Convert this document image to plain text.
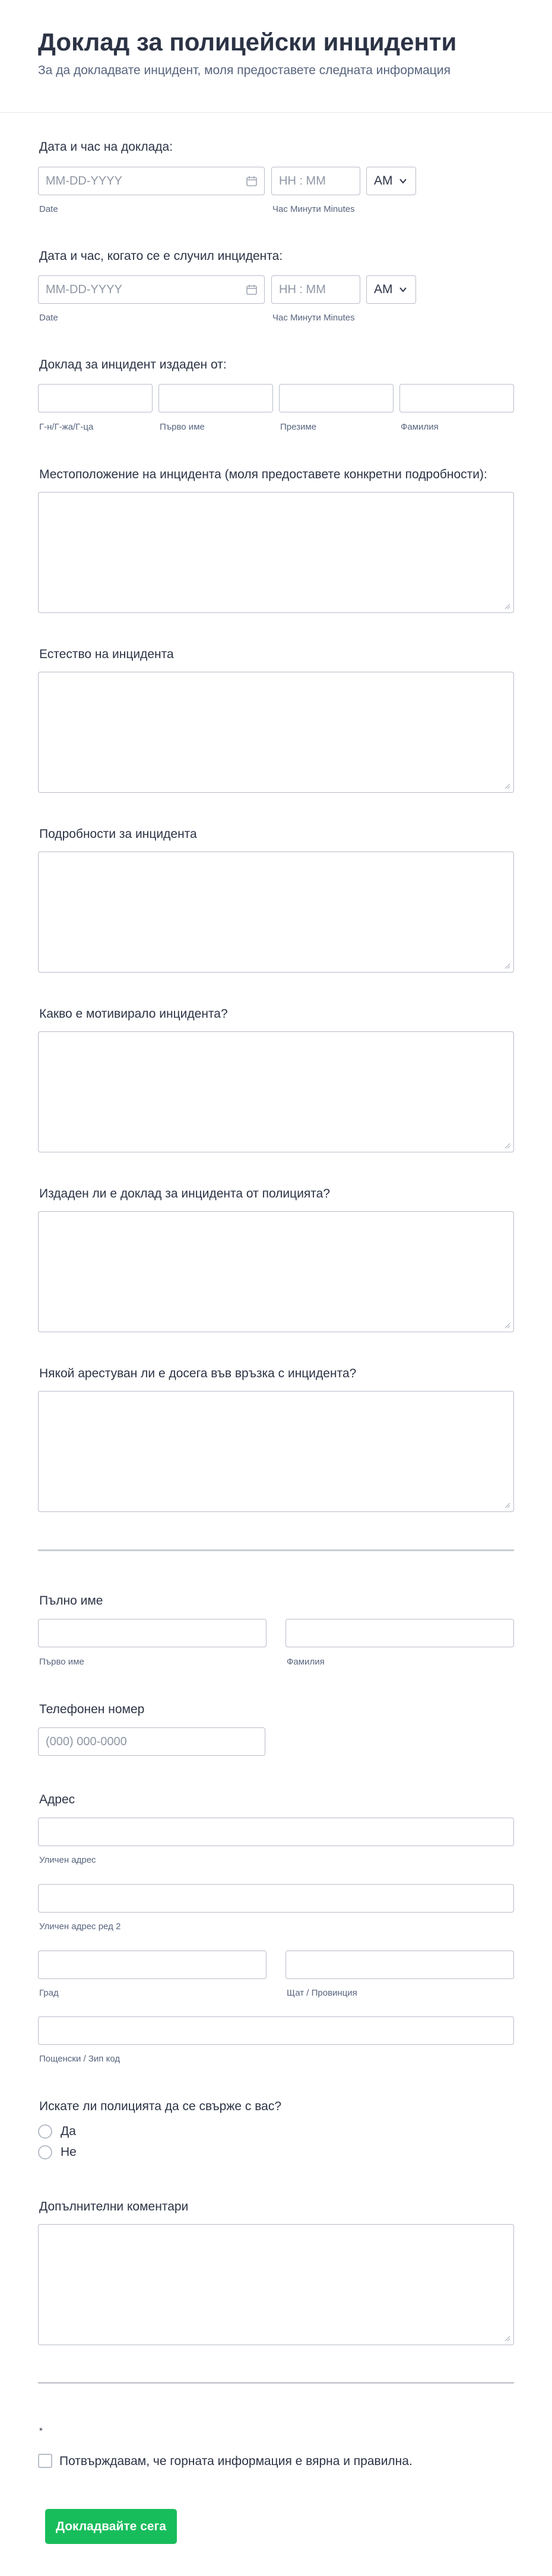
Доклад за полицейски инциденти
За да докладвате инцидент, моля предоставете следната информация
Дата и час на доклада:
MM-DD-YYYY
HH : MM
AM
Date	Час Минути Minutes
Дата и час, когато се е случил инцидента:
MM-DD-YYYY
HH : MM
AM
Date	Час Минути Minutes
Доклад за инцидент издаден от:
Г-н/Г-жа/Г-ца	Първо име	Презиме	Фамилия
Местоположение на инцидента (моля предоставете конкретни подробности):
Естество на инцидента
Подробности за инцидента
Какво е мотивирало инцидента?
Издаден ли е доклад за инцидента от полицията?
Някой арестуван ли е досега във връзка с инцидента?
Пълно име
Първо име	Фамилия
Телефонен номер
(000) 000-0000
Адрес
Уличен адрес
Уличен адрес ред 2
Град	Щат / Провинция
Пощенски / Зип код
Искате ли полицията да се свърже с вас?
Да
Не
Допълнителни коментари
*
Потвърждавам, че горната информация е вярна и правилна.
Докладвайте сега
